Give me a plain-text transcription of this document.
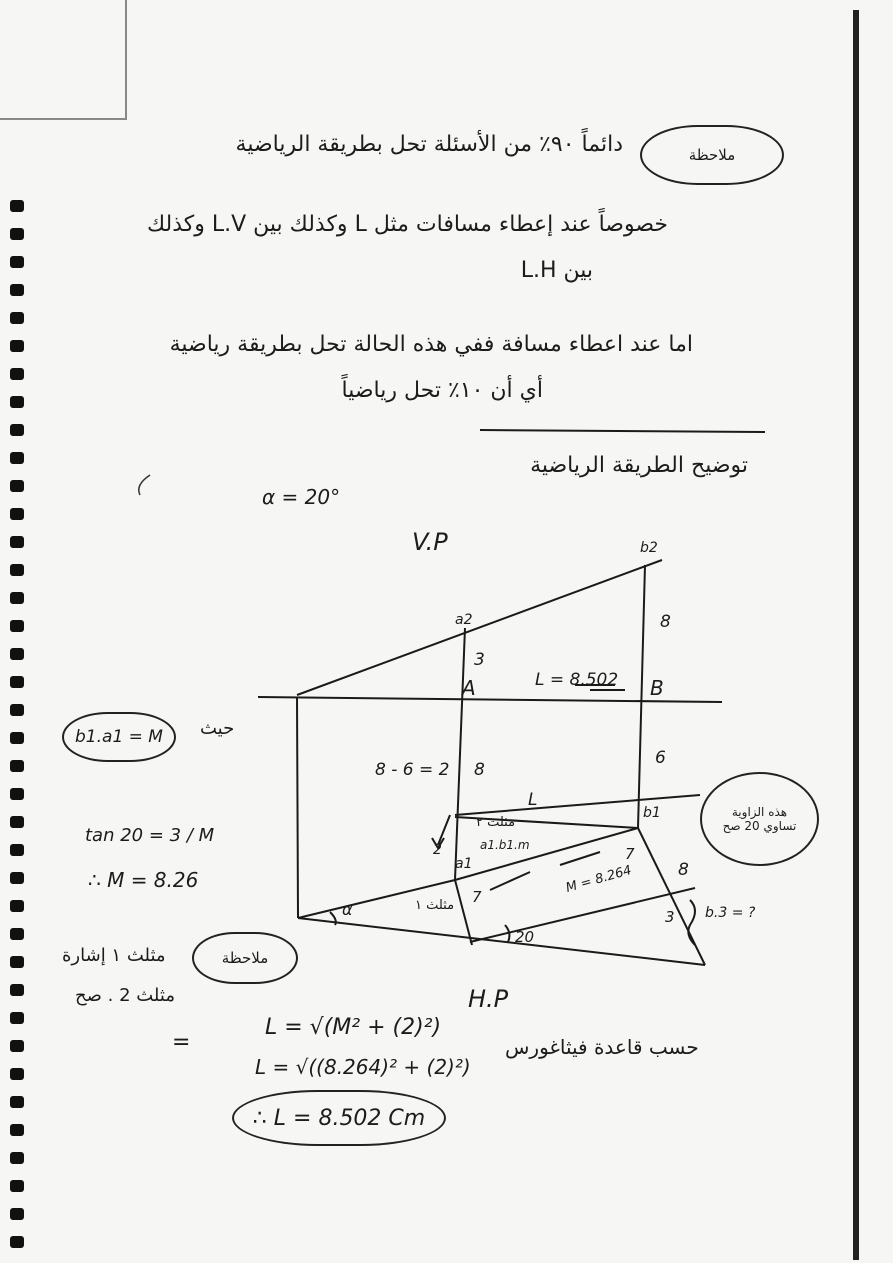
ملاحظة
دائماً ٩٠٪ من الأسئلة تحل بطريقة الرياضية
خصوصاً عند إعطاء مسافات مثل L وكذلك بين L.V وكذلك
بين L.H
اما عند اعطاء مسافة ففي هذه الحالة تحل بطريقة رياضية
أي أن ١٠٪ تحل رياضياً
توضيح الطريقة الرياضية
α = 20°
V.P
H.P
b2
a2
A	B
a1
b1
α
20
3
8
8
6
8
3
2
7
7
8 - 6 = 2
L = 8.502
L
مثلث ٢
a1.b1.m
مثلث ١
M = 8.264
b.3 = ?
هذه الزاوية تساوي 20 صح
b1.a1 = M حيث
tan 20 = 3 / M
∴ M = 8.26
ملاحظة
مثلث ١ إشارة
مثلث 2 . صح
=
L = √(M² + (2)²)
L = √((8.264)² + (2)²)
∴ L = 8.502 Cm
حسب قاعدة فيثاغورس
